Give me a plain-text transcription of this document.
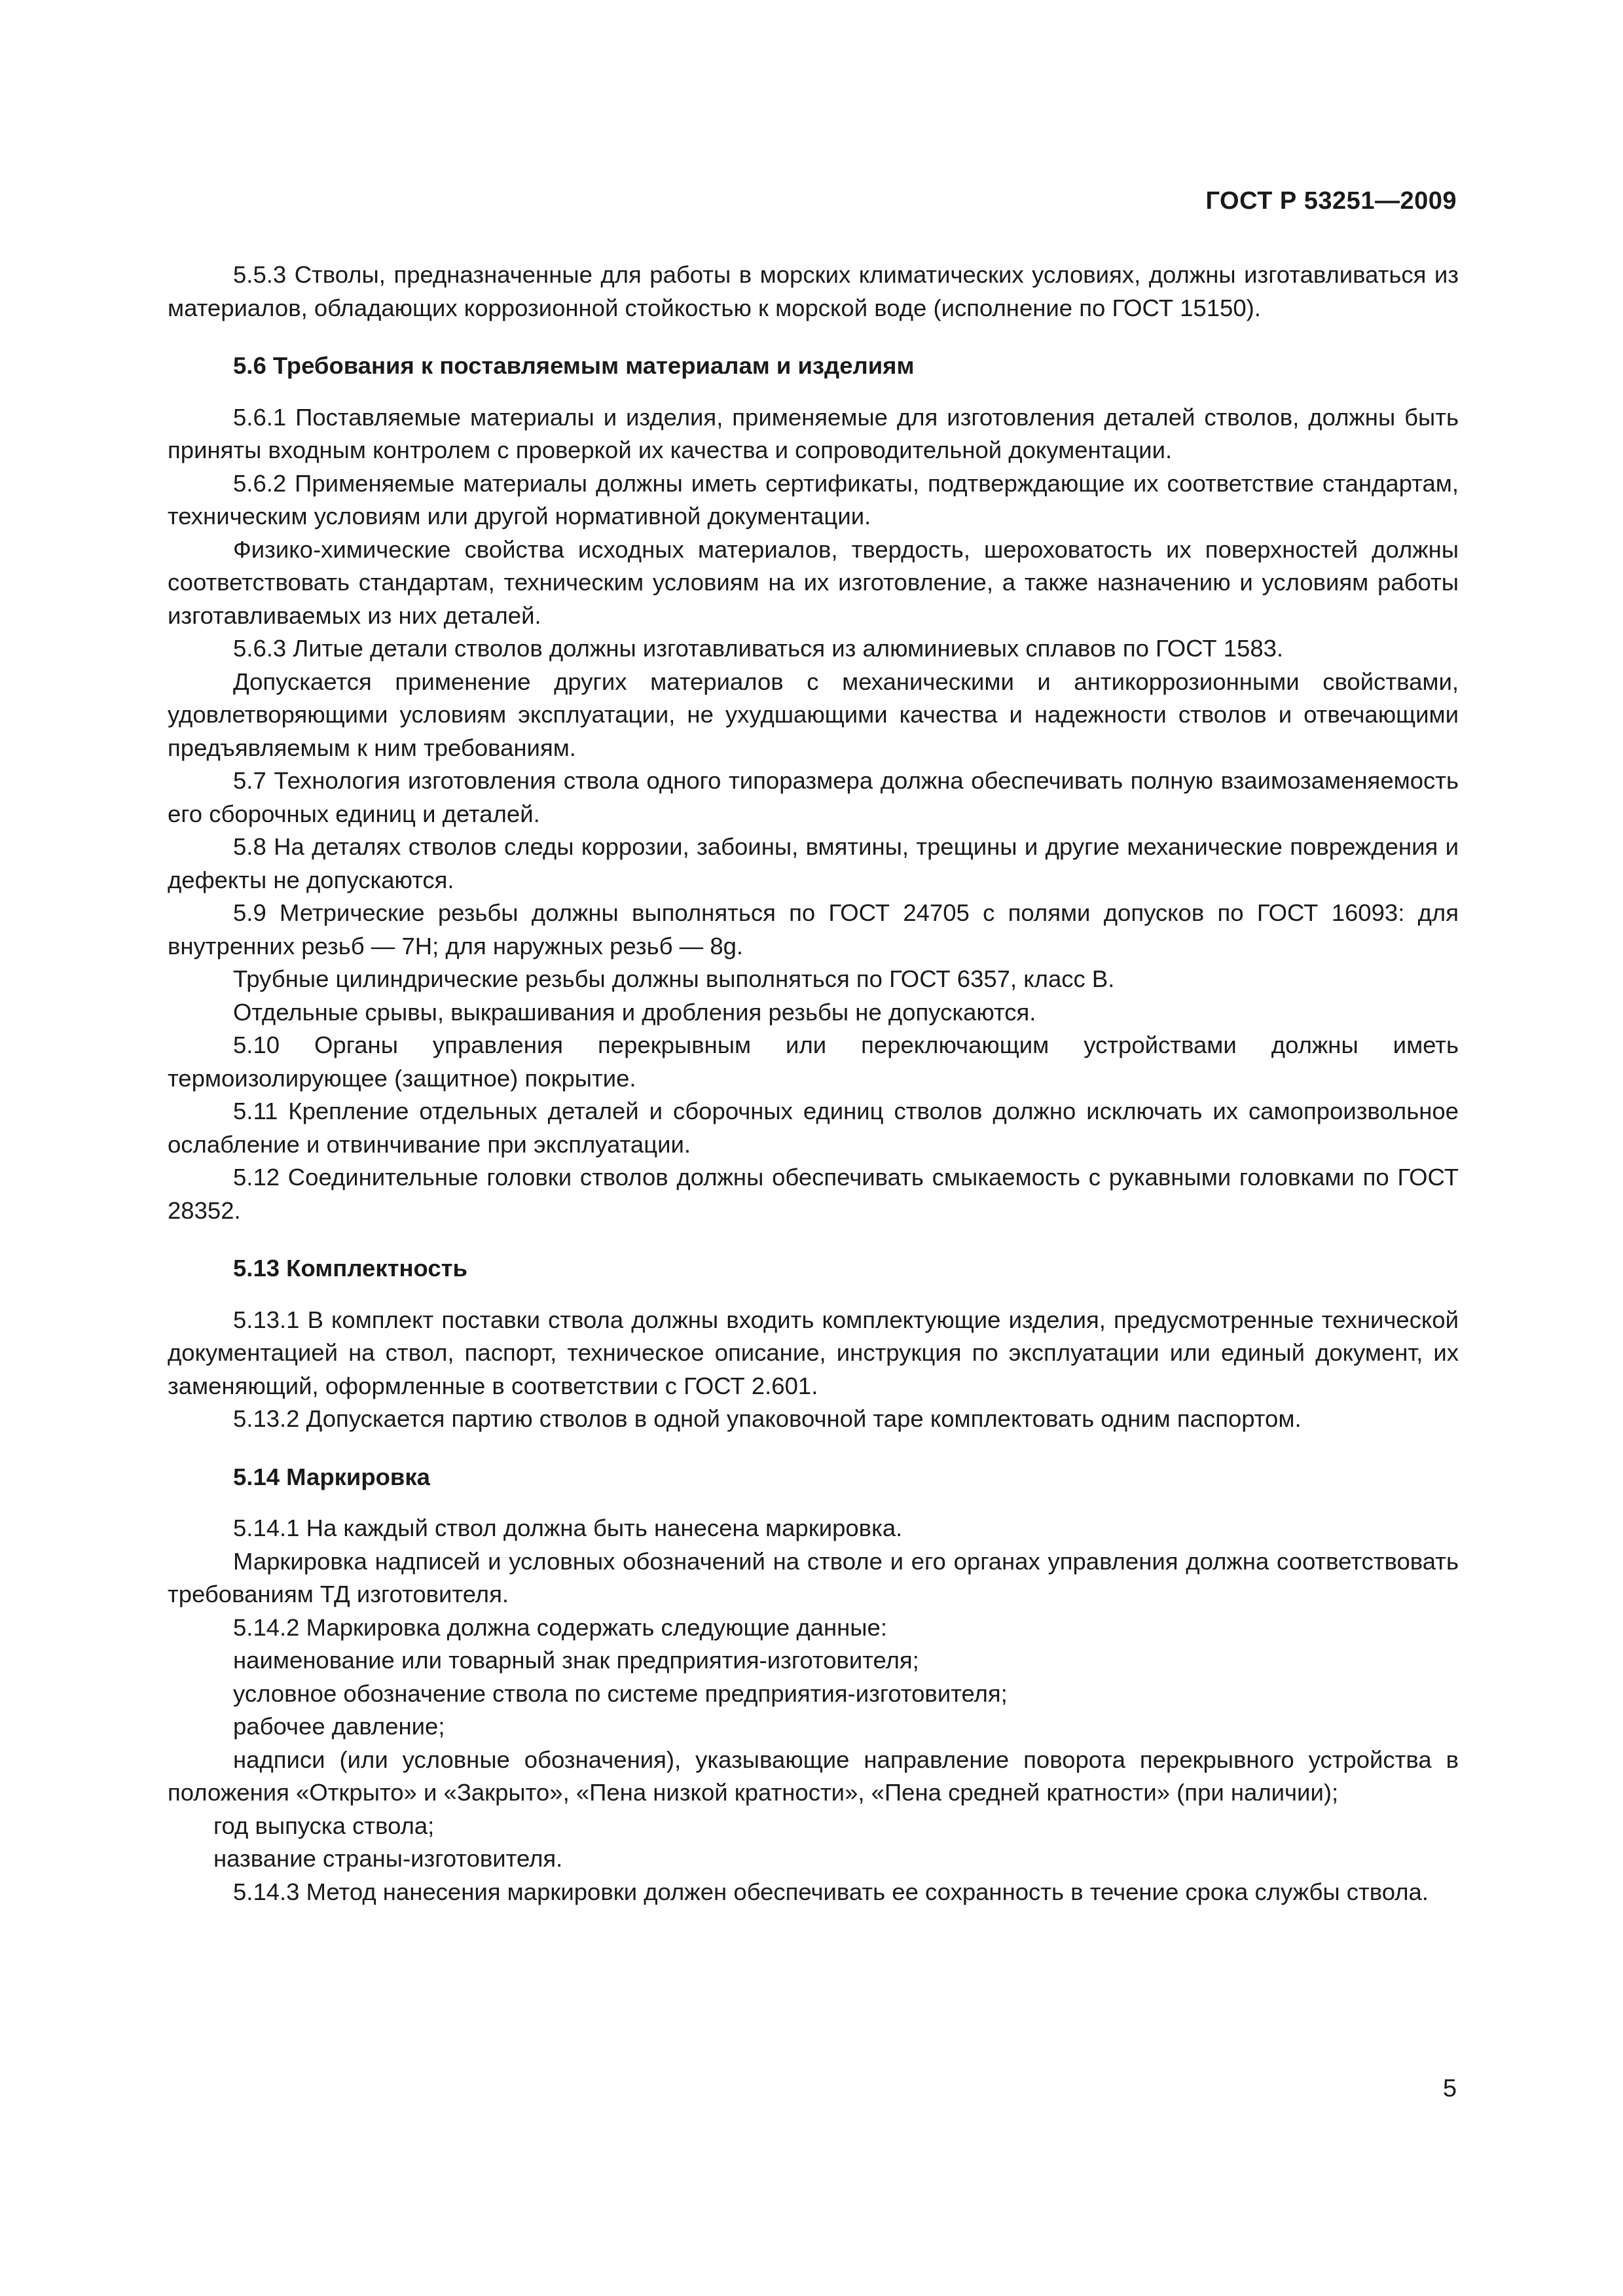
ГОСТ Р 53251—2009

5.5.3 Стволы, предназначенные для работы в морских климатических условиях, должны изготавливаться из материалов, обладающих коррозионной стойкостью к морской воде (исполнение по ГОСТ 15150).

5.6 Требования к поставляемым материалам и изделиям

5.6.1 Поставляемые материалы и изделия, применяемые для изготовления деталей стволов, должны быть приняты входным контролем с проверкой их качества и сопроводительной документации.

5.6.2 Применяемые материалы должны иметь сертификаты, подтверждающие их соответствие стандартам, техническим условиям или другой нормативной документации.

Физико-химические свойства исходных материалов, твердость, шероховатость их поверхностей должны соответствовать стандартам, техническим условиям на их изготовление, а также назначению и условиям работы изготавливаемых из них деталей.

5.6.3 Литые детали стволов должны изготавливаться из алюминиевых сплавов по ГОСТ 1583.

Допускается применение других материалов с механическими и антикоррозионными свойствами, удовлетворяющими условиям эксплуатации, не ухудшающими качества и надежности стволов и отвечающими предъявляемым к ним требованиям.

5.7 Технология изготовления ствола одного типоразмера должна обеспечивать полную взаимозаменяемость его сборочных единиц и деталей.

5.8 На деталях стволов следы коррозии, забоины, вмятины, трещины и другие механические повреждения и дефекты не допускаются.

5.9 Метрические резьбы должны выполняться по ГОСТ 24705 с полями допусков по ГОСТ 16093: для внутренних резьб — 7Н; для наружных резьб — 8g.

Трубные цилиндрические резьбы должны выполняться по ГОСТ 6357, класс В.

Отдельные срывы, выкрашивания и дробления резьбы не допускаются.

5.10 Органы управления перекрывным или переключающим устройствами должны иметь термоизолирующее (защитное) покрытие.

5.11 Крепление отдельных деталей и сборочных единиц стволов должно исключать их самопроизвольное ослабление и отвинчивание при эксплуатации.

5.12 Соединительные головки стволов должны обеспечивать смыкаемость с рукавными головками по ГОСТ 28352.

5.13 Комплектность

5.13.1 В комплект поставки ствола должны входить комплектующие изделия, предусмотренные технической документацией на ствол, паспорт, техническое описание, инструкция по эксплуатации или единый документ, их заменяющий, оформленные в соответствии с ГОСТ 2.601.

5.13.2 Допускается партию стволов в одной упаковочной таре комплектовать одним паспортом.

5.14 Маркировка

5.14.1 На каждый ствол должна быть нанесена маркировка.

Маркировка надписей и условных обозначений на стволе и его органах управления должна соответствовать требованиям ТД изготовителя.

5.14.2 Маркировка должна содержать следующие данные:

наименование или товарный знак предприятия-изготовителя;

условное обозначение ствола по системе предприятия-изготовителя;

рабочее давление;

надписи (или условные обозначения), указывающие направление поворота перекрывного устройства в положения «Открыто» и «Закрыто», «Пена низкой кратности», «Пена средней кратности» (при наличии);

год выпуска ствола;

название страны-изготовителя.

5.14.3 Метод нанесения маркировки должен обеспечивать ее сохранность в течение срока службы ствола.

5
